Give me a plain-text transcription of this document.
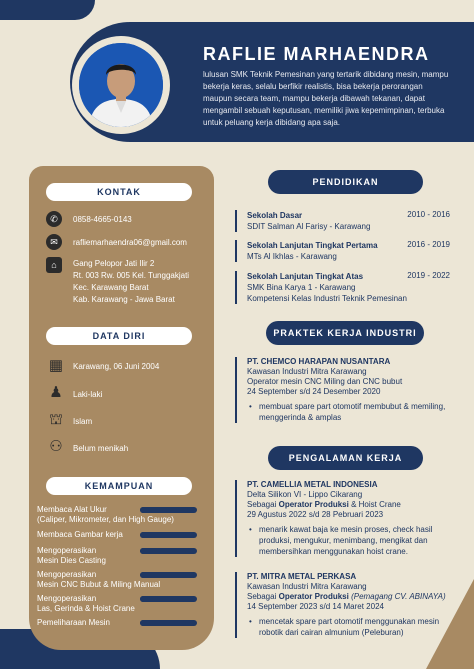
RAFLIE MARHAENDRA
lulusan SMK Teknik Pemesinan yang tertarik dibidang mesin, mampu bekerja keras, selalu berfikir realistis, bisa bekerja perorangan maupun secara team, mampu bekerja dibawah tekanan, dapat mengambil sebuah keputusan, memiliki jiwa kepemimpinan, terbuka untuk peluang kerja dibidang apa saja.
KONTAK
✆	0858-4665-0143
✉	rafliemarhaendra06@gmail.com
⌂	Gang Pelopor Jati Ilir 2
Rt. 003 Rw. 005 Kel. Tunggakjati
Kec. Karawang Barat
Kab. Karawang - Jawa Barat
DATA DIRI
▦	Karawang, 06 Juni 2004
♟	Laki-laki
⛫	Islam
⚇	Belum menikah
KEMAMPUAN
Membaca Alat Ukur
(Caliper, Mikrometer, dan High Gauge)
Membaca Gambar kerja
Mengoperasikan
Mesin Dies Casting
Mengoperasikan
Mesin CNC Bubut & Miling Manual
Mengoperasikan
Las, Gerinda & Hoist Crane
Pemeliharaan Mesin
PENDIDIKAN
Sekolah Dasar	2010 - 2016
SDIT Salman Al Farisy - Karawang
Sekolah Lanjutan Tingkat Pertama	2016 - 2019
MTs Al Ikhlas - Karawang
Sekolah Lanjutan Tingkat Atas	2019 - 2022
SMK Bina Karya 1 - Karawang
Kompetensi Kelas Industri Teknik Pemesinan
PRAKTEK KERJA INDUSTRI
PT. CHEMCO HARAPAN NUSANTARA
Kawasan Industri Mitra Karawang
Operator mesin CNC Miling dan CNC bubut
24 September s/d 24 Desember 2020
• membuat spare part otomotif membubut & memiling, menggerinda & amplas
PENGALAMAN KERJA
PT. CAMELLIA METAL INDONESIA
Delta Silikon VI - Lippo Cikarang
Sebagai Operator Produksi & Hoist Crane
29 Agustus 2022 s/d 28 Pebruari 2023
• menarik kawat baja ke mesin proses, check hasil produksi, mengukur, menimbang, mengikat dan membersihkan menggunakan hoist crane.
PT. MITRA METAL PERKASA
Kawasan Industri Mitra Karawang
Sebagai Operator Produksi (Pemagang CV. ABINAYA)
14 September 2023 s/d 14 Maret 2024
• mencetak spare part otomotif menggunakan mesin robotik dari cairan almunium (Peleburan)
